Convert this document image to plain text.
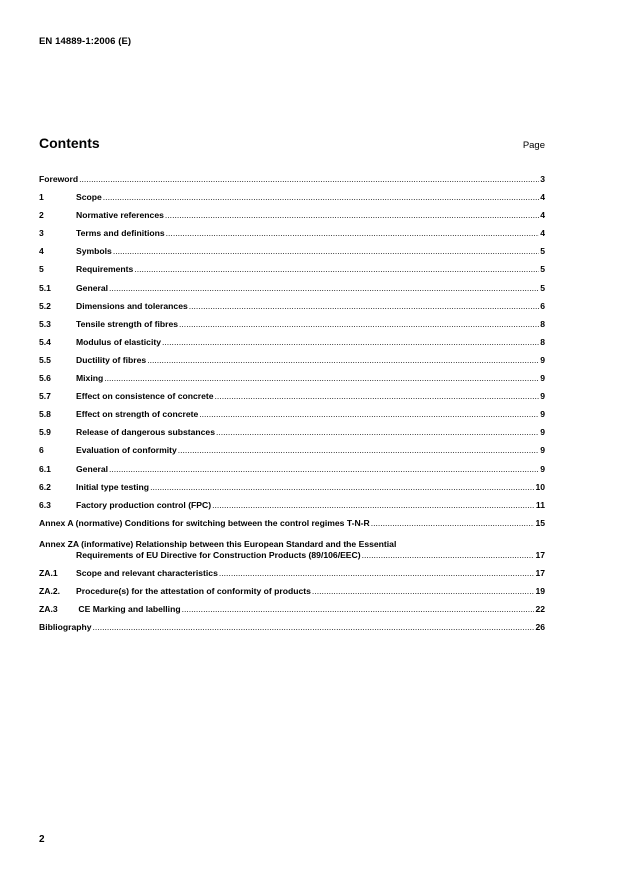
EN 14889-1:2006 (E)
Contents	Page
Foreword .....	3
1	Scope .....	4
2	Normative references .....	4
3	Terms and definitions .....	4
4	Symbols .....	5
5	Requirements .....	5
5.1	General .....	5
5.2	Dimensions and tolerances .....	6
5.3	Tensile strength of fibres .....	8
5.4	Modulus of elasticity .....	8
5.5	Ductility of fibres .....	9
5.6	Mixing .....	9
5.7	Effect on consistence of concrete .....	9
5.8	Effect on strength of concrete .....	9
5.9	Release of dangerous substances .....	9
6	Evaluation of conformity .....	9
6.1	General .....	9
6.2	Initial type testing .....	10
6.3	Factory production control (FPC) .....	11
Annex A (normative) Conditions for switching between the control regimes T-N-R .....	15
Annex ZA (informative) Relationship between this European Standard and the Essential
Requirements of EU Directive for Construction Products (89/106/EEC) .....	17
ZA.1	Scope and relevant characteristics .....	17
ZA.2.	Procedure(s) for the attestation of conformity of products .....	19
ZA.3	CE Marking and labelling .....	22
Bibliography .....	26
2
